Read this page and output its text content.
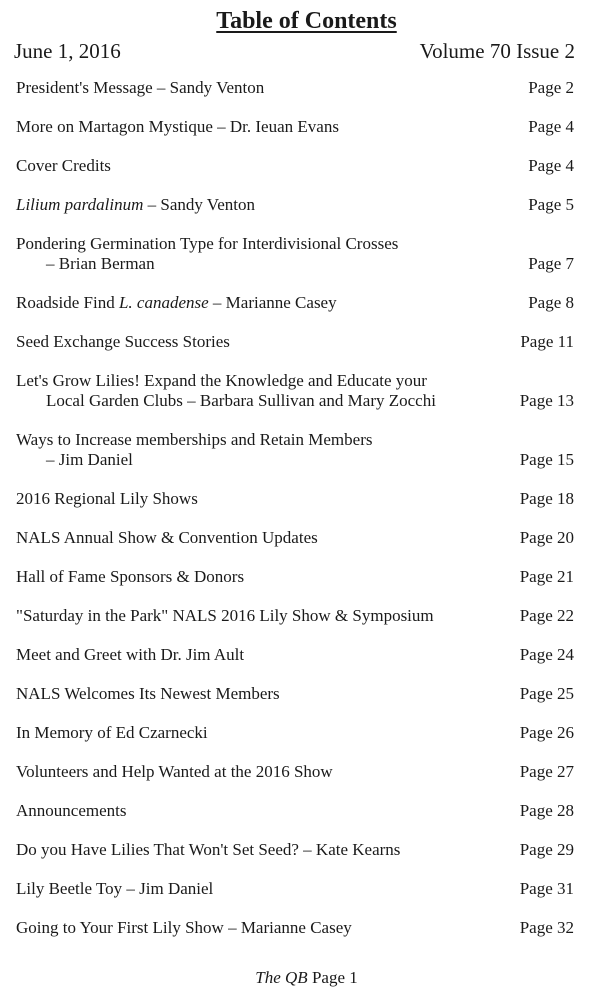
Table of Contents
June 1, 2016	Volume 70 Issue 2
President's Message – Sandy Venton	Page 2
More on Martagon Mystique – Dr. Ieuan Evans	Page 4
Cover Credits	Page 4
Lilium pardalinum – Sandy Venton	Page 5
Pondering Germination Type for Interdivisional Crosses
– Brian Berman	Page 7
Roadside Find L. canadense – Marianne Casey	Page 8
Seed Exchange Success Stories	Page 11
Let's Grow Lilies! Expand the Knowledge and Educate your
Local Garden Clubs – Barbara Sullivan and Mary Zocchi	Page 13
Ways to Increase memberships and Retain Members
– Jim Daniel	Page 15
2016 Regional Lily Shows	Page 18
NALS Annual Show & Convention Updates	Page 20
Hall of Fame Sponsors & Donors	Page 21
"Saturday in the Park" NALS 2016 Lily Show & Symposium	Page 22
Meet and Greet with Dr. Jim Ault	Page 24
NALS Welcomes Its Newest Members	Page 25
In Memory of Ed Czarnecki	Page 26
Volunteers and Help Wanted at the 2016 Show	Page 27
Announcements	Page 28
Do you Have Lilies That Won't Set Seed? – Kate Kearns	Page 29
Lily Beetle Toy – Jim Daniel	Page 31
Going to Your First Lily Show – Marianne Casey	Page 32
The QB Page 1
